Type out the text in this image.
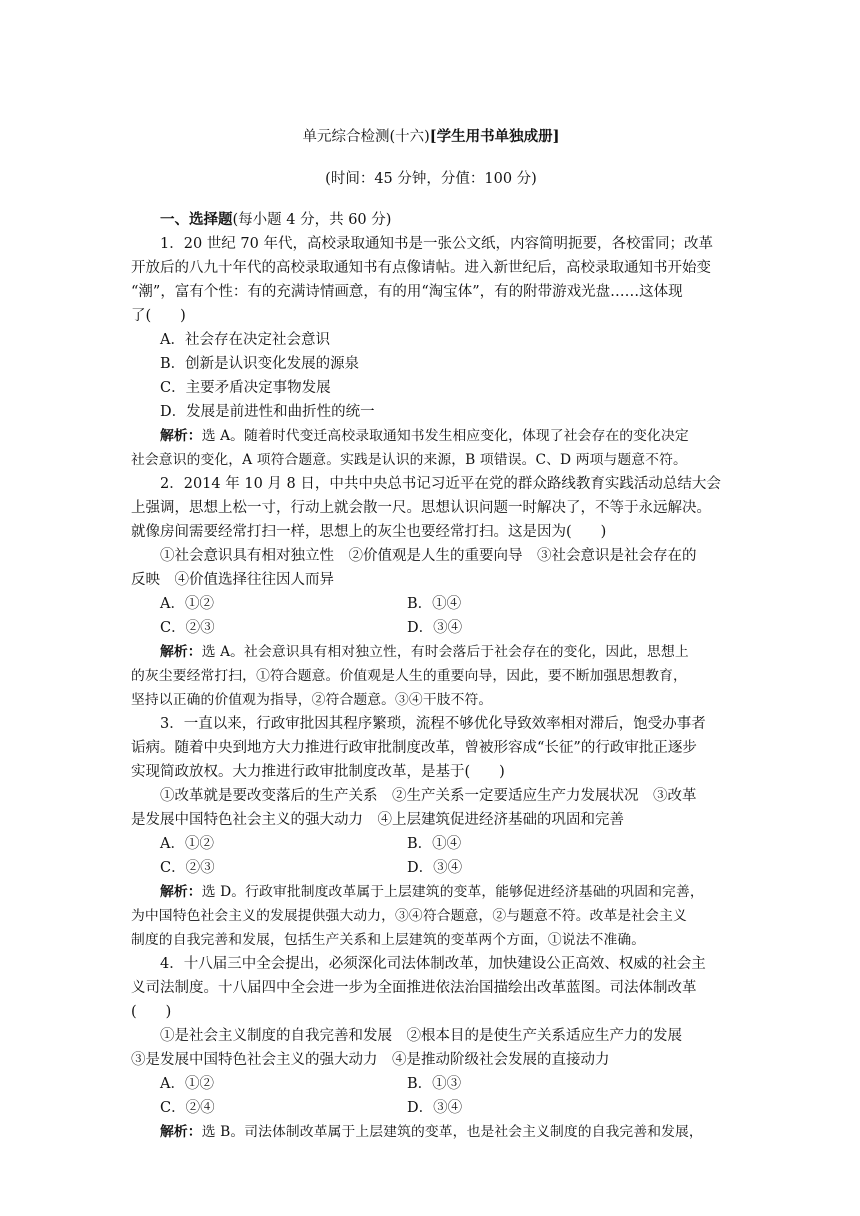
单元综合检测(十六)[学生用书单独成册]
(时间：45 分钟，分值：100 分)
一、选择题(每小题 4 分，共 60 分)
1．20 世纪 70 年代，高校录取通知书是一张公文纸，内容简明扼要，各校雷同；改革
开放后的八九十年代的高校录取通知书有点像请帖。进入新世纪后，高校录取通知书开始变
“潮”，富有个性：有的充满诗情画意，有的用“淘宝体”，有的附带游戏光盘……这体现
了(　　)
A．社会存在决定社会意识
B．创新是认识变化发展的源泉
C．主要矛盾决定事物发展
D．发展是前进性和曲折性的统一
解析：选 A。随着时代变迁高校录取通知书发生相应变化，体现了社会存在的变化决定
社会意识的变化，A 项符合题意。实践是认识的来源，B 项错误。C、D 两项与题意不符。
2．2014 年 10 月 8 日，中共中央总书记习近平在党的群众路线教育实践活动总结大会
上强调，思想上松一寸，行动上就会散一尺。思想认识问题一时解决了，不等于永远解决。
就像房间需要经常打扫一样，思想上的灰尘也要经常打扫。这是因为(　　)
①社会意识具有相对独立性　②价值观是人生的重要向导　③社会意识是社会存在的
反映　④价值选择往往因人而异
A．①②	B．①④
C．②③	D．③④
解析：选 A。社会意识具有相对独立性，有时会落后于社会存在的变化，因此，思想上
的灰尘要经常打扫，①符合题意。价值观是人生的重要向导，因此，要不断加强思想教育，
坚持以正确的价值观为指导，②符合题意。③④干肢不符。
3．一直以来，行政审批因其程序繁琐，流程不够优化导致效率相对滞后，饱受办事者
诟病。随着中央到地方大力推进行政审批制度改革，曾被形容成“长征”的行政审批正逐步
实现简政放权。大力推进行政审批制度改革，是基于(　　)
①改革就是要改变落后的生产关系　②生产关系一定要适应生产力发展状况　③改革
是发展中国特色社会主义的强大动力　④上层建筑促进经济基础的巩固和完善
A．①②	B．①④
C．②③	D．③④
解析：选 D。行政审批制度改革属于上层建筑的变革，能够促进经济基础的巩固和完善，
为中国特色社会主义的发展提供强大动力，③④符合题意，②与题意不符。改革是社会主义
制度的自我完善和发展，包括生产关系和上层建筑的变革两个方面，①说法不准确。
4．十八届三中全会提出，必须深化司法体制改革，加快建设公正高效、权威的社会主
义司法制度。十八届四中全会进一步为全面推进依法治国描绘出改革蓝图。司法体制改革
(　　)
①是社会主义制度的自我完善和发展　②根本目的是使生产关系适应生产力的发展
③是发展中国特色社会主义的强大动力　④是推动阶级社会发展的直接动力
A．①②	B．①③
C．②④	D．③④
解析：选 B。司法体制改革属于上层建筑的变革，也是社会主义制度的自我完善和发展，
